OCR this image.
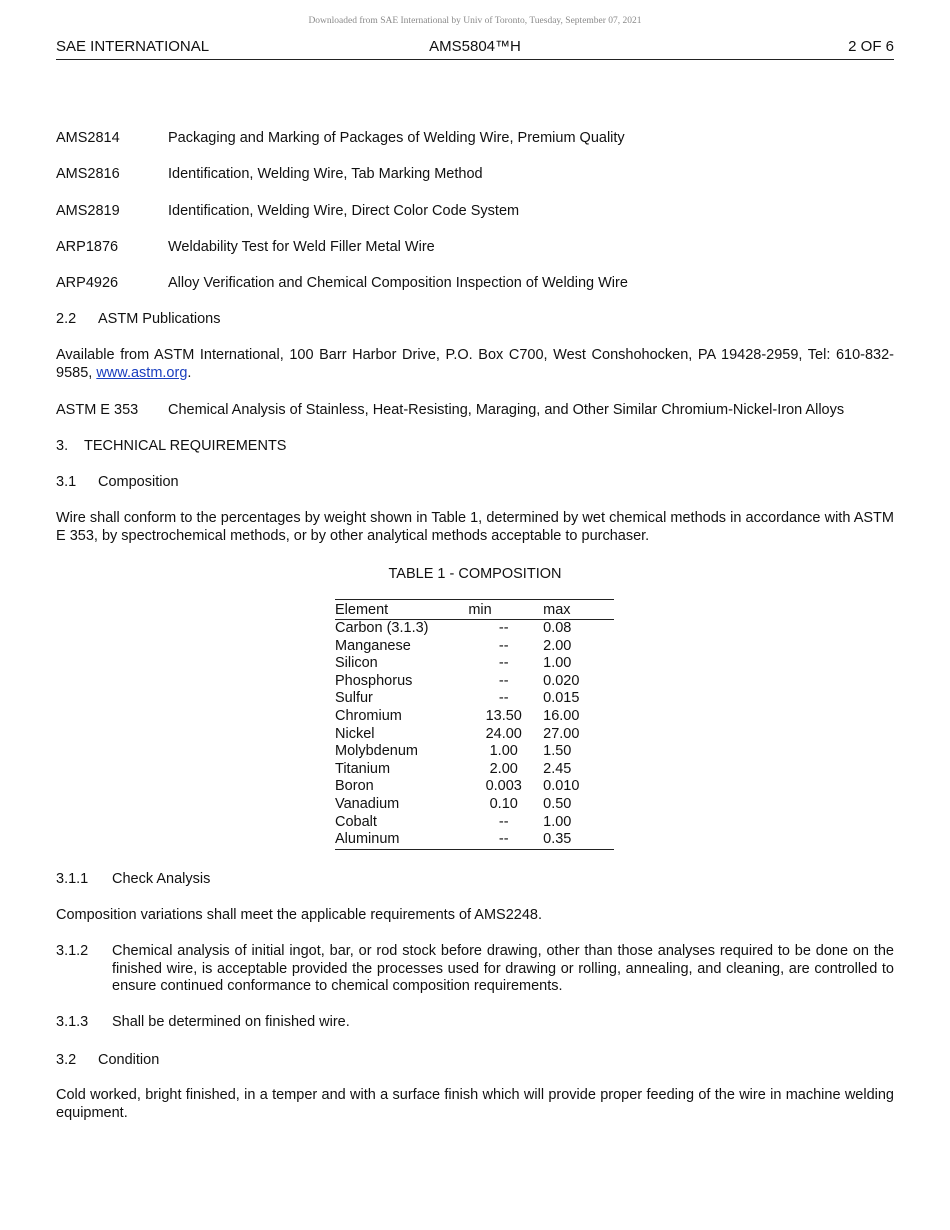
Downloaded from SAE International by Univ of Toronto, Tuesday, September 07, 2021
SAE INTERNATIONAL	AMS5804™H	2 OF 6
AMS2814	Packaging and Marking of Packages of Welding Wire, Premium Quality
AMS2816	Identification, Welding Wire, Tab Marking Method
AMS2819	Identification, Welding Wire, Direct Color Code System
ARP1876	Weldability Test for Weld Filler Metal Wire
ARP4926	Alloy Verification and Chemical Composition Inspection of Welding Wire
2.2 ASTM Publications
Available from ASTM International, 100 Barr Harbor Drive, P.O. Box C700, West Conshohocken, PA 19428-2959, Tel: 610-832-9585, www.astm.org.
ASTM E 353 Chemical Analysis of Stainless, Heat-Resisting, Maraging, and Other Similar Chromium-Nickel-Iron Alloys
3. TECHNICAL REQUIREMENTS
3.1 Composition
Wire shall conform to the percentages by weight shown in Table 1, determined by wet chemical methods in accordance with ASTM E 353, by spectrochemical methods, or by other analytical methods acceptable to purchaser.
TABLE 1 - COMPOSITION
Element	min	max
Carbon (3.1.3)	--	0.08
Manganese	--	2.00
Silicon	--	1.00
Phosphorus	--	0.020
Sulfur	--	0.015
Chromium	13.50	16.00
Nickel	24.00	27.00
Molybdenum	1.00	1.50
Titanium	2.00	2.45
Boron	0.003	0.010
Vanadium	0.10	0.50
Cobalt	--	1.00
Aluminum	--	0.35
3.1.1 Check Analysis
Composition variations shall meet the applicable requirements of AMS2248.
3.1.2 Chemical analysis of initial ingot, bar, or rod stock before drawing, other than those analyses required to be done on the finished wire, is acceptable provided the processes used for drawing or rolling, annealing, and cleaning, are controlled to ensure continued conformance to chemical composition requirements.
3.1.3 Shall be determined on finished wire.
3.2 Condition
Cold worked, bright finished, in a temper and with a surface finish which will provide proper feeding of the wire in machine welding equipment.
